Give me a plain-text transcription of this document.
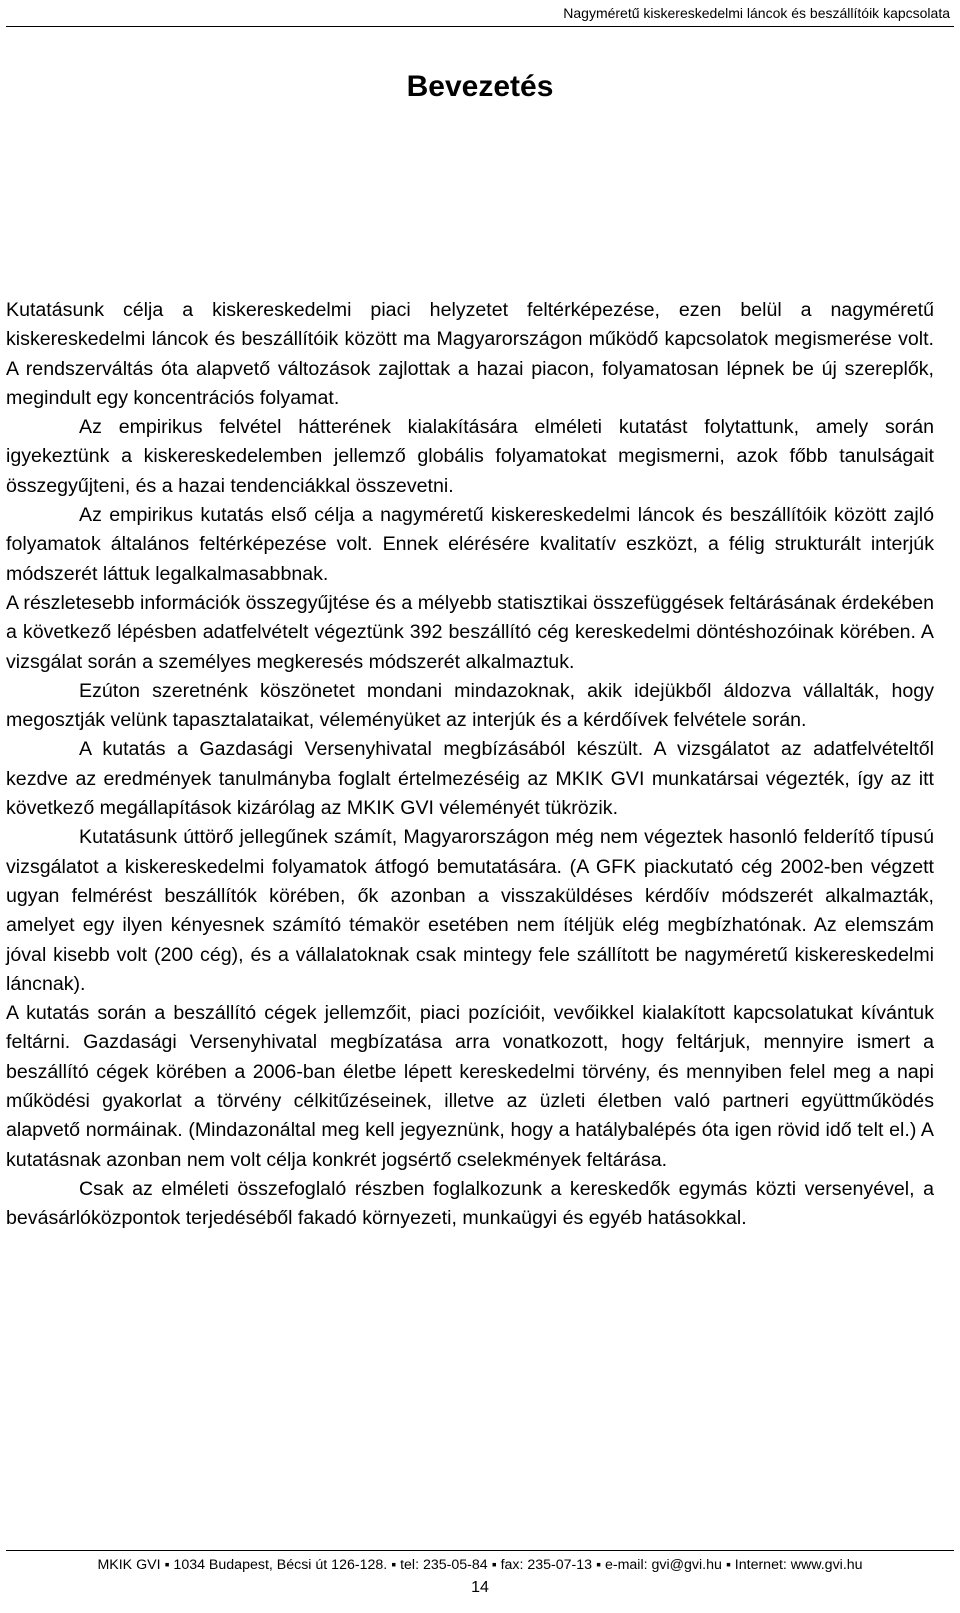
Nagyméretű kiskereskedelmi láncok és beszállítóik kapcsolata
Bevezetés

Kutatásunk célja a kiskereskedelmi piaci helyzetet feltérképezése, ezen belül a nagyméretű kiskereskedelmi láncok és beszállítóik között ma Magyarországon működő kapcsolatok megismerése volt. A rendszerváltás óta alapvető változások zajlottak a hazai piacon, folyamatosan lépnek be új szereplők, megindult egy koncentrációs folyamat.

Az empirikus felvétel hátterének kialakítására elméleti kutatást folytattunk, amely során igyekeztünk a kiskereskedelemben jellemző globális folyamatokat megismerni, azok főbb tanulságait összegyűjteni, és a hazai tendenciákkal összevetni.

Az empirikus kutatás első célja a nagyméretű kiskereskedelmi láncok és beszállítóik között zajló folyamatok általános feltérképezése volt. Ennek elérésére kvalitatív eszközt, a félig strukturált interjúk módszerét láttuk legalkalmasabbnak.

A részletesebb információk összegyűjtése és a mélyebb statisztikai összefüggések feltárásának érdekében a következő lépésben adatfelvételt végeztünk 392 beszállító cég kereskedelmi döntéshozóinak körében. A vizsgálat során a személyes megkeresés módszerét alkalmaztuk.

Ezúton szeretnénk köszönetet mondani mindazoknak, akik idejükből áldozva vállalták, hogy megosztják velünk tapasztalataikat, véleményüket az interjúk és a kérdőívek felvétele során.

A kutatás a Gazdasági Versenyhivatal megbízásából készült. A vizsgálatot az adatfelvételtől kezdve az eredmények tanulmányba foglalt értelmezéséig az MKIK GVI munkatársai végezték, így az itt következő megállapítások kizárólag az MKIK GVI véleményét tükrözik.

Kutatásunk úttörő jellegűnek számít, Magyarországon még nem végeztek hasonló felderítő típusú vizsgálatot a kiskereskedelmi folyamatok átfogó bemutatására. (A GFK piackutató cég 2002-ben végzett ugyan felmérést beszállítók körében, ők azonban a visszaküldéses kérdőív módszerét alkalmazták, amelyet egy ilyen kényesnek számító témakör esetében nem ítéljük elég megbízhatónak. Az elemszám jóval kisebb volt (200 cég), és a vállalatoknak csak mintegy fele szállított be nagyméretű kiskereskedelmi láncnak).

A kutatás során a beszállító cégek jellemzőit, piaci pozícióit, vevőikkel kialakított kapcsolatukat kívántuk feltárni. Gazdasági Versenyhivatal megbízatása arra vonatkozott, hogy feltárjuk, mennyire ismert a beszállító cégek körében a 2006-ban életbe lépett kereskedelmi törvény, és mennyiben felel meg a napi működési gyakorlat a törvény célkitűzéseinek, illetve az üzleti életben való partneri együttműködés alapvető normáinak. (Mindazonáltal meg kell jegyeznünk, hogy a hatálybalépés óta igen rövid idő telt el.) A kutatásnak azonban nem volt célja konkrét jogsértő cselekmények feltárása.

Csak az elméleti összefoglaló részben foglalkozunk a kereskedők egymás közti versenyével, a bevásárlóközpontok terjedéséből fakadó környezeti, munkaügyi és egyéb hatásokkal.

MKIK GVI ▪ 1034 Budapest, Bécsi út 126-128. ▪ tel: 235-05-84 ▪ fax: 235-07-13 ▪ e-mail: gvi@gvi.hu ▪ Internet: www.gvi.hu
14
